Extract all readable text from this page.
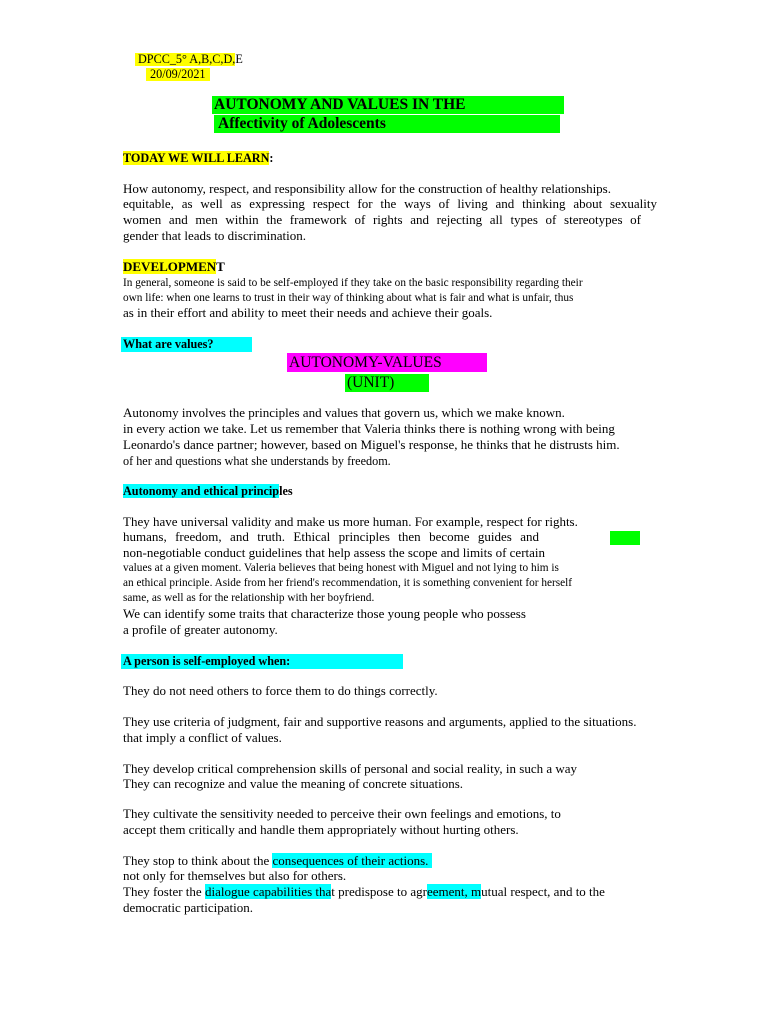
DPCC_5° A,B,C,D,E
20/09/2021
AUTONOMY AND VALUES IN THE
Affectivity of Adolescents
TODAY WE WILL LEARN:
How autonomy, respect, and responsibility allow for the construction of healthy relationships.
equitable, as well as expressing respect for the ways of living and thinking about sexuality
women and men within the framework of rights and rejecting all types of stereotypes of
gender that leads to discrimination.
DEVELOPMENT
In general, someone is said to be self-employed if they take on the basic responsibility regarding their
own life: when one learns to trust in their way of thinking about what is fair and what is unfair, thus
as in their effort and ability to meet their needs and achieve their goals.
What are values?
AUTONOMY-VALUES
(UNIT)
Autonomy involves the principles and values that govern us, which we make known.
in every action we take. Let us remember that Valeria thinks there is nothing wrong with being
Leonardo's dance partner; however, based on Miguel's response, he thinks that he distrusts him.
of her and questions what she understands by freedom.
Autonomy and ethical principles
They have universal validity and make us more human. For example, respect for rights.
humans, freedom, and truth. Ethical principles then become guides and
non-negotiable conduct guidelines that help assess the scope and limits of certain
values at a given moment. Valeria believes that being honest with Miguel and not lying to him is
an ethical principle. Aside from her friend's recommendation, it is something convenient for herself
same, as well as for the relationship with her boyfriend.
We can identify some traits that characterize those young people who possess
a profile of greater autonomy.
A person is self-employed when:
They do not need others to force them to do things correctly.
They use criteria of judgment, fair and supportive reasons and arguments, applied to the situations.
that imply a conflict of values.
They develop critical comprehension skills of personal and social reality, in such a way
They can recognize and value the meaning of concrete situations.
They cultivate the sensitivity needed to perceive their own feelings and emotions, to
accept them critically and handle them appropriately without hurting others.
They stop to think about the consequences of their actions.
not only for themselves but also for others.
They foster the dialogue capabilities that predispose to agreement, mutual respect, and to the
democratic participation.
